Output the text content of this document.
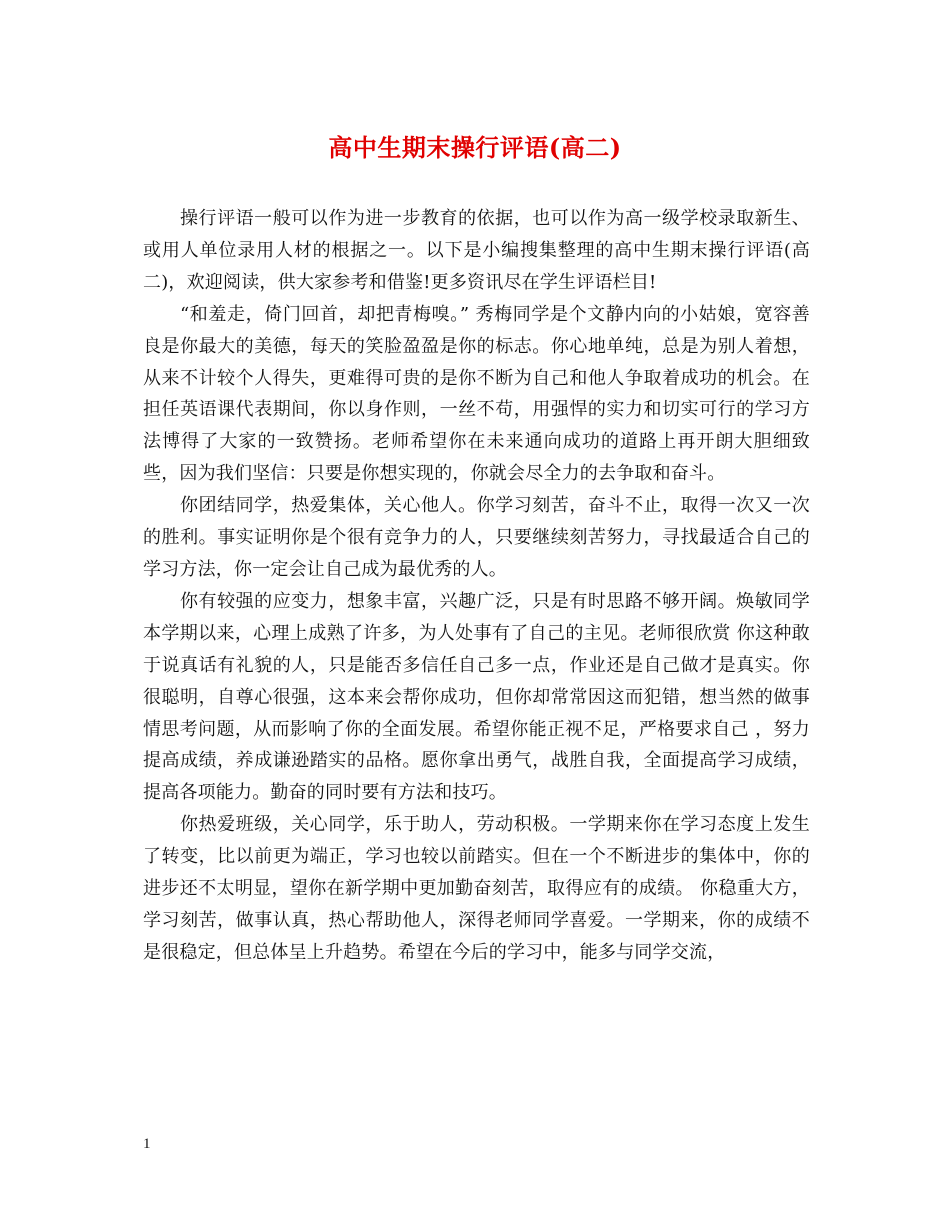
高中生期末操行评语(高二)

操行评语一般可以作为进一步教育的依据，也可以作为高一级学校录取新生、或用人单位录用人材的根据之一。以下是小编搜集整理的高中生期末操行评语(高二)，欢迎阅读，供大家参考和借鉴!更多资讯尽在学生评语栏目!

“和羞走，倚门回首，却把青梅嗅。” 秀梅同学是个文静内向的小姑娘，宽容善良是你最大的美德，每天的笑脸盈盈是你的标志。你心地单纯，总是为别人着想，从来不计较个人得失，更难得可贵的是你不断为自己和他人争取着成功的机会。在担任英语课代表期间，你以身作则，一丝不苟，用强悍的实力和切实可行的学习方法博得了大家的一致赞扬。老师希望你在未来通向成功的道路上再开朗大胆细致些，因为我们坚信：只要是你想实现的，你就会尽全力的去争取和奋斗。

你团结同学，热爱集体，关心他人。你学习刻苦，奋斗不止，取得一次又一次的胜利。事实证明你是个很有竞争力的人，只要继续刻苦努力，寻找最适合自己的学习方法，你一定会让自己成为最优秀的人。

你有较强的应变力，想象丰富，兴趣广泛，只是有时思路不够开阔。焕敏同学本学期以来，心理上成熟了许多，为人处事有了自己的主见。老师很欣赏 你这种敢于说真话有礼貌的人，只是能否多信任自己多一点，作业还是自己做才是真实。你很聪明，自尊心很强，这本来会帮你成功，但你却常常因这而犯错，想当然的做事情思考问题，从而影响了你的全面发展。希望你能正视不足，严格要求自己 ，努力提高成绩，养成谦逊踏实的品格。愿你拿出勇气，战胜自我，全面提高学习成绩，提高各项能力。勤奋的同时要有方法和技巧。

你热爱班级，关心同学，乐于助人，劳动积极。一学期来你在学习态度上发生了转变，比以前更为端正，学习也较以前踏实。但在一个不断进步的集体中，你的进步还不太明显，望你在新学期中更加勤奋刻苦，取得应有的成绩。 你稳重大方，学习刻苦，做事认真，热心帮助他人，深得老师同学喜爱。一学期来，你的成绩不是很稳定，但总体呈上升趋势。希望在今后的学习中，能多与同学交流，

1
